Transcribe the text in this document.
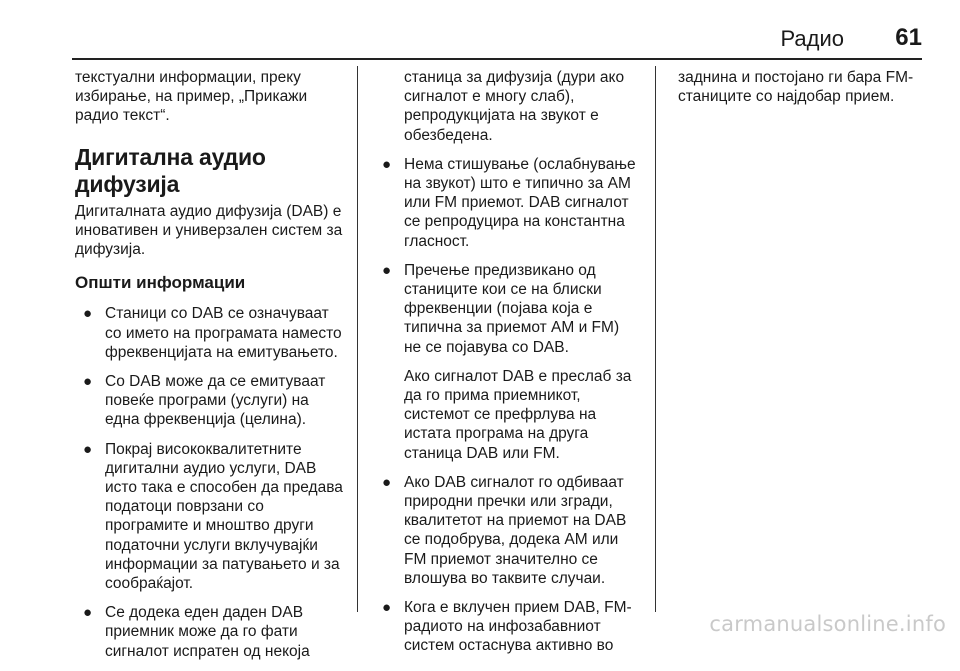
Радио 61

текстуални информации, преку избирање, на пример, „Прикажи радио текст“.

Дигитална аудио дифузија

Дигиталната аудио дифузија (DAB) е иновативен и универзален систем за дифузија.

Општи информации
● Станици со DAB се означуваат со името на програмата наместо фреквенцијата на емитувањето.
● Со DAB може да се емитуваат повеќе програми (услуги) на една фреквенција (целина).
● Покрај висококвалитетните дигитални аудио услуги, DAB исто така е способен да предава податоци поврзани со програмите и мноштво други податочни услуги вклучувајќи информации за патувањето и за сообраќајот.
● Се додека еден даден DAB приемник може да го фати сигналот испратен од некоја

станица за дифузија (дури ако сигналот е многу слаб), репродукцијата на звукот е обезбедена.

● Нема стишување (ослабнување на звукот) што е типично за AM или FM приемот. DAB сигналот се репродуцира на константна гласност.
● Пречење предизвикано од станиците кои се на блиски фреквенции (појава која е типична за приемот AM и FM) не се појавува со DAB.
Ако сигналот DAB е преслаб за да го прима приемникот, системот се префрлува на истата програма на друга станица DAB или FM.
● Ако DAB сигналот го одбиваат природни пречки или згради, квалитетот на приемот на DAB се подобрува, додека AM или FM приемот значително се влошува во таквите случаи.
● Кога е вклучен прием DAB, FM-радиото на инфозабавниот систем остаснува активно во

заднина и постојано ги бара FM-станиците со најдобар прием.

carmanualsonline.info
